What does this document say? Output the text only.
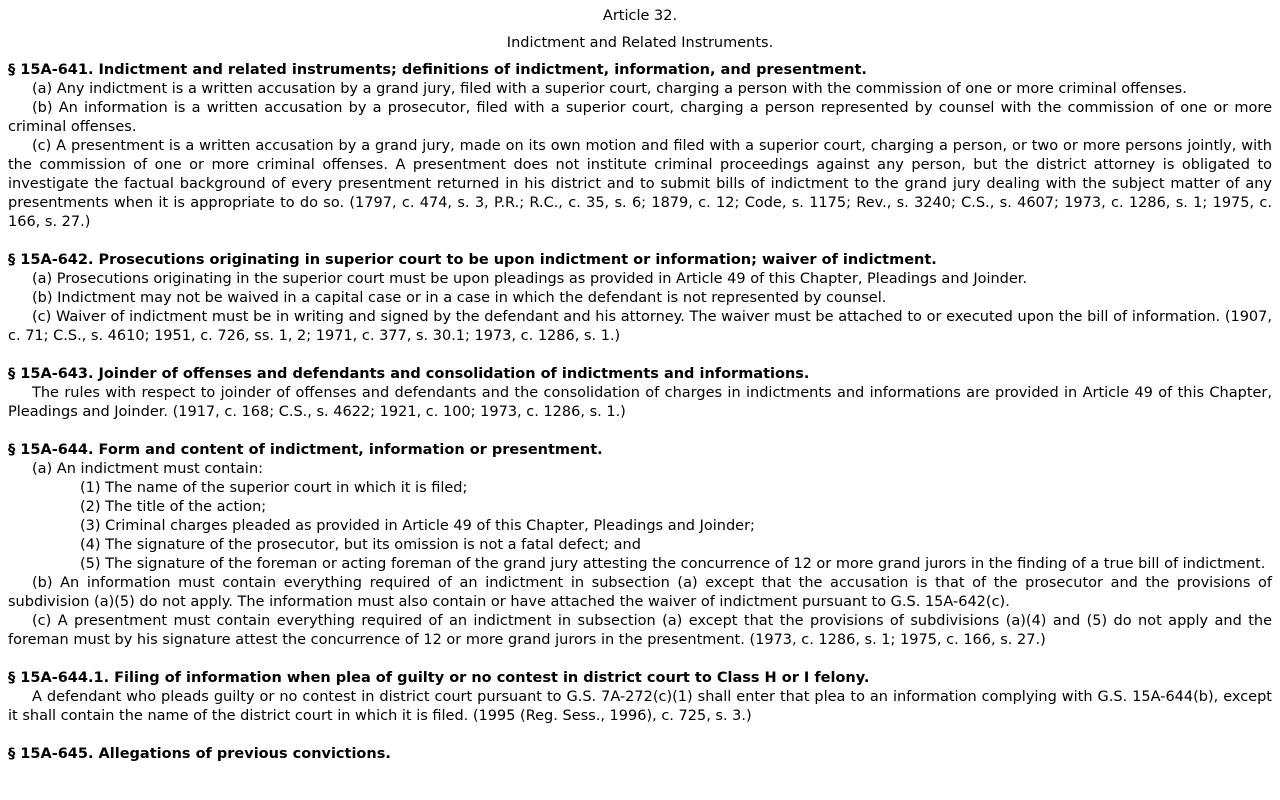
Article 32.

Indictment and Related Instruments.

§ 15A-641. Indictment and related instruments; definitions of indictment, information, and presentment.

(a) Any indictment is a written accusation by a grand jury, filed with a superior court, charging a person with the commission of one or more criminal offenses.

(b) An information is a written accusation by a prosecutor, filed with a superior court, charging a person represented by counsel with the commission of one or more criminal offenses.

(c) A presentment is a written accusation by a grand jury, made on its own motion and filed with a superior court, charging a person, or two or more persons jointly, with the commission of one or more criminal offenses. A presentment does not institute criminal proceedings against any person, but the district attorney is obligated to investigate the factual background of every presentment returned in his district and to submit bills of indictment to the grand jury dealing with the subject matter of any presentments when it is appropriate to do so. (1797, c. 474, s. 3, P.R.; R.C., c. 35, s. 6; 1879, c. 12; Code, s. 1175; Rev., s. 3240; C.S., s. 4607; 1973, c. 1286, s. 1; 1975, c. 166, s. 27.)

§ 15A-642. Prosecutions originating in superior court to be upon indictment or information; waiver of indictment.

(a) Prosecutions originating in the superior court must be upon pleadings as provided in Article 49 of this Chapter, Pleadings and Joinder.

(b) Indictment may not be waived in a capital case or in a case in which the defendant is not represented by counsel.

(c) Waiver of indictment must be in writing and signed by the defendant and his attorney. The waiver must be attached to or executed upon the bill of information. (1907, c. 71; C.S., s. 4610; 1951, c. 726, ss. 1, 2; 1971, c. 377, s. 30.1; 1973, c. 1286, s. 1.)

§ 15A-643. Joinder of offenses and defendants and consolidation of indictments and informations.

The rules with respect to joinder of offenses and defendants and the consolidation of charges in indictments and informations are provided in Article 49 of this Chapter, Pleadings and Joinder. (1917, c. 168; C.S., s. 4622; 1921, c. 100; 1973, c. 1286, s. 1.)

§ 15A-644. Form and content of indictment, information or presentment.

(a) An indictment must contain:

(1) The name of the superior court in which it is filed;

(2) The title of the action;

(3) Criminal charges pleaded as provided in Article 49 of this Chapter, Pleadings and Joinder;

(4) The signature of the prosecutor, but its omission is not a fatal defect; and

(5) The signature of the foreman or acting foreman of the grand jury attesting the concurrence of 12 or more grand jurors in the finding of a true bill of indictment.

(b) An information must contain everything required of an indictment in subsection (a) except that the accusation is that of the prosecutor and the provisions of subdivision (a)(5) do not apply. The information must also contain or have attached the waiver of indictment pursuant to G.S. 15A-642(c).

(c) A presentment must contain everything required of an indictment in subsection (a) except that the provisions of subdivisions (a)(4) and (5) do not apply and the foreman must by his signature attest the concurrence of 12 or more grand jurors in the presentment. (1973, c. 1286, s. 1; 1975, c. 166, s. 27.)

§ 15A-644.1. Filing of information when plea of guilty or no contest in district court to Class H or I felony.

A defendant who pleads guilty or no contest in district court pursuant to G.S. 7A-272(c)(1) shall enter that plea to an information complying with G.S. 15A-644(b), except it shall contain the name of the district court in which it is filed. (1995 (Reg. Sess., 1996), c. 725, s. 3.)

§ 15A-645. Allegations of previous convictions.
